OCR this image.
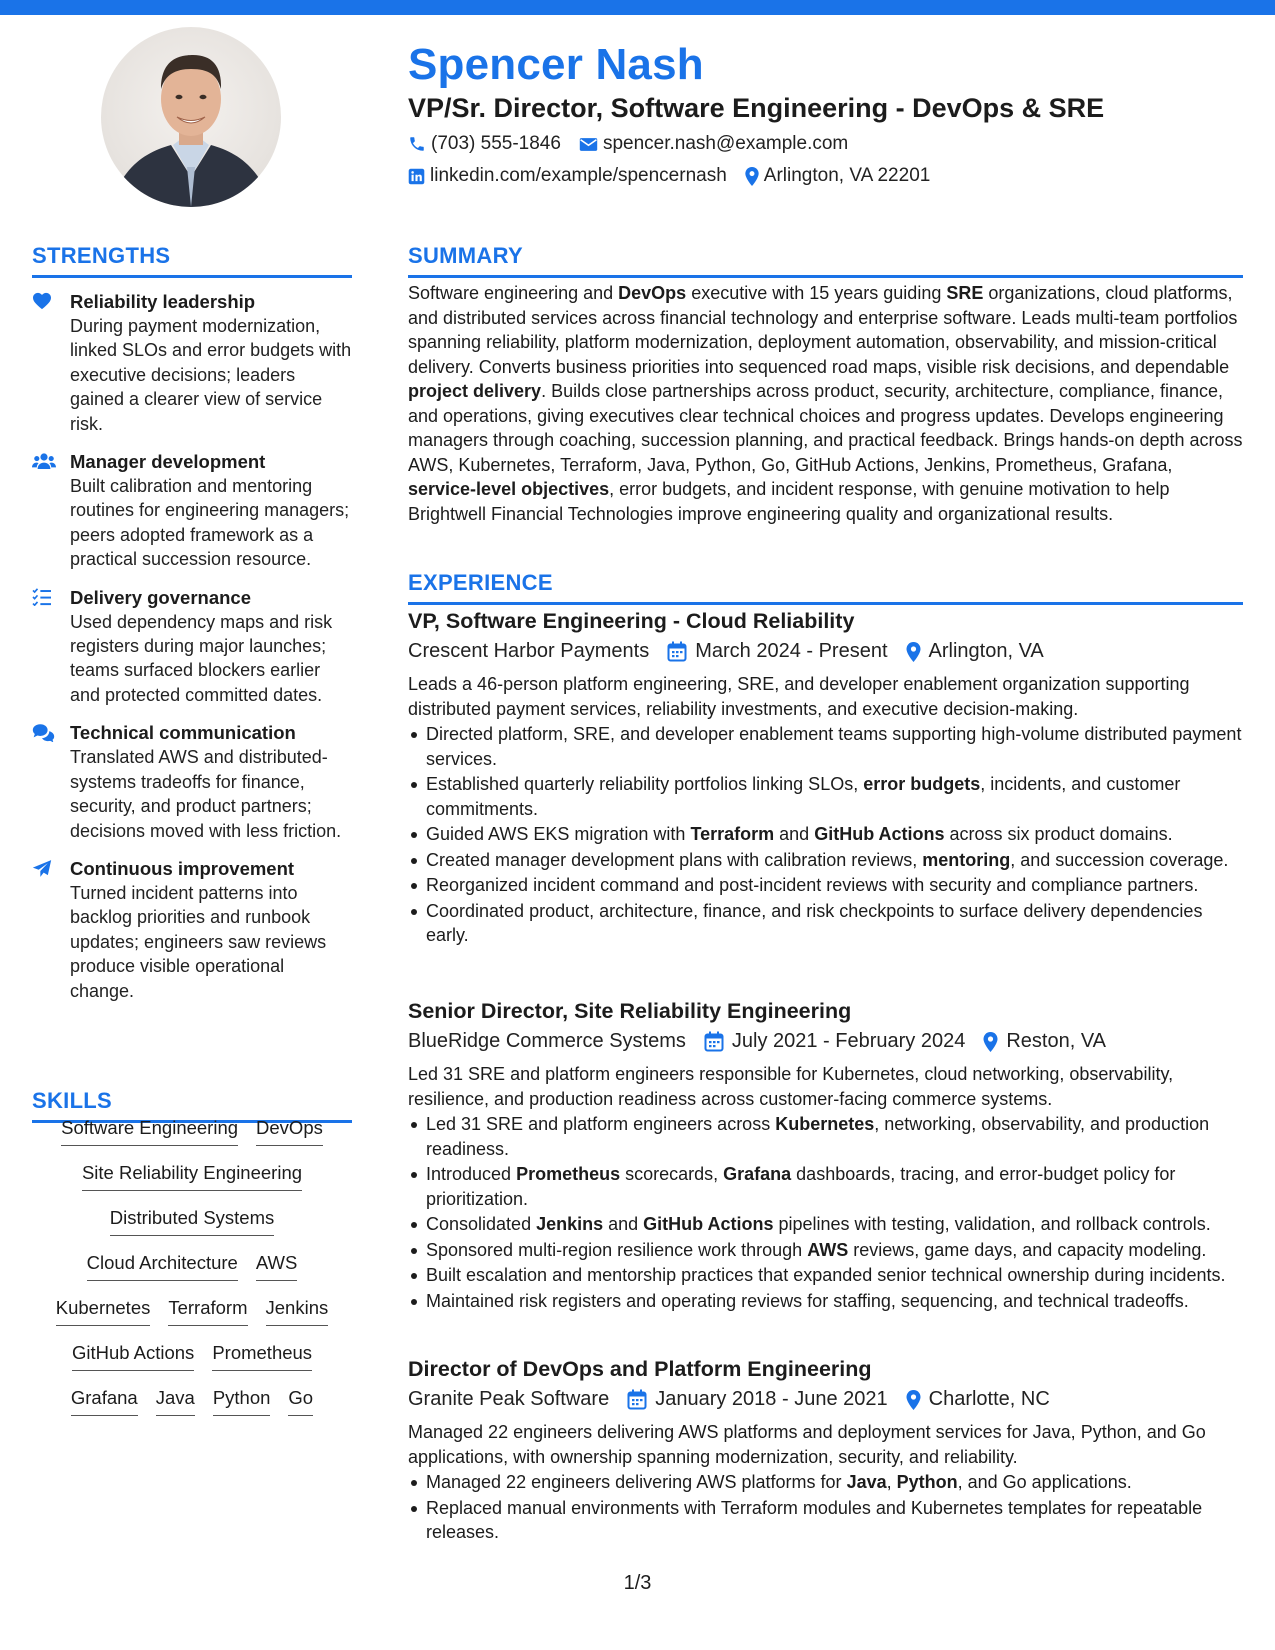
Spencer Nash
VP/Sr. Director, Software Engineering - DevOps & SRE
(703) 555-1846 spencer.nash@example.com
linkedin.com/example/spencernash Arlington, VA 22201
STRENGTHS
Reliability leadership
During payment modernization, linked SLOs and error budgets with executive decisions; leaders gained a clearer view of service risk.
Manager development
Built calibration and mentoring routines for engineering managers; peers adopted framework as a practical succession resource.
Delivery governance
Used dependency maps and risk registers during major launches; teams surfaced blockers earlier and protected committed dates.
Technical communication
Translated AWS and distributed-systems tradeoffs for finance, security, and product partners; decisions moved with less friction.
Continuous improvement
Turned incident patterns into backlog priorities and runbook updates; engineers saw reviews produce visible operational change.
SKILLS
Software Engineering DevOps
Site Reliability Engineering
Distributed Systems
Cloud Architecture AWS
Kubernetes Terraform Jenkins
GitHub Actions Prometheus
Grafana Java Python Go
SUMMARY

Software engineering and DevOps executive with 15 years guiding SRE organizations, cloud platforms, and distributed services across financial technology and enterprise software. Leads multi-team portfolios spanning reliability, platform modernization, deployment automation, observability, and mission-critical delivery. Converts business priorities into sequenced road maps, visible risk decisions, and dependable project delivery. Builds close partnerships across product, security, architecture, compliance, finance, and operations, giving executives clear technical choices and progress updates. Develops engineering managers through coaching, succession planning, and practical feedback. Brings hands-on depth across AWS, Kubernetes, Terraform, Java, Python, Go, GitHub Actions, Jenkins, Prometheus, Grafana, service-level objectives, error budgets, and incident response, with genuine motivation to help Brightwell Financial Technologies improve engineering quality and organizational results.

EXPERIENCE
VP, Software Engineering - Cloud Reliability
Crescent Harbor Payments March 2024 - Present Arlington, VA
Leads a 46-person platform engineering, SRE, and developer enablement organization supporting distributed payment services, reliability investments, and executive decision-making.
Directed platform, SRE, and developer enablement teams supporting high-volume distributed payment services.
Established quarterly reliability portfolios linking SLOs, error budgets, incidents, and customer commitments.
Guided AWS EKS migration with Terraform and GitHub Actions across six product domains.
Created manager development plans with calibration reviews, mentoring, and succession coverage.
Reorganized incident command and post-incident reviews with security and compliance partners.
Coordinated product, architecture, finance, and risk checkpoints to surface delivery dependencies early.
Senior Director, Site Reliability Engineering
BlueRidge Commerce Systems July 2021 - February 2024 Reston, VA
Led 31 SRE and platform engineers responsible for Kubernetes, cloud networking, observability, resilience, and production readiness across customer-facing commerce systems.
Led 31 SRE and platform engineers across Kubernetes, networking, observability, and production readiness.
Introduced Prometheus scorecards, Grafana dashboards, tracing, and error-budget policy for prioritization.
Consolidated Jenkins and GitHub Actions pipelines with testing, validation, and rollback controls.
Sponsored multi-region resilience work through AWS reviews, game days, and capacity modeling.
Built escalation and mentorship practices that expanded senior technical ownership during incidents.
Maintained risk registers and operating reviews for staffing, sequencing, and technical tradeoffs.
Director of DevOps and Platform Engineering
Granite Peak Software January 2018 - June 2021 Charlotte, NC
Managed 22 engineers delivering AWS platforms and deployment services for Java, Python, and Go applications, with ownership spanning modernization, security, and reliability.
Managed 22 engineers delivering AWS platforms for Java, Python, and Go applications.
Replaced manual environments with Terraform modules and Kubernetes templates for repeatable releases.
1/3
